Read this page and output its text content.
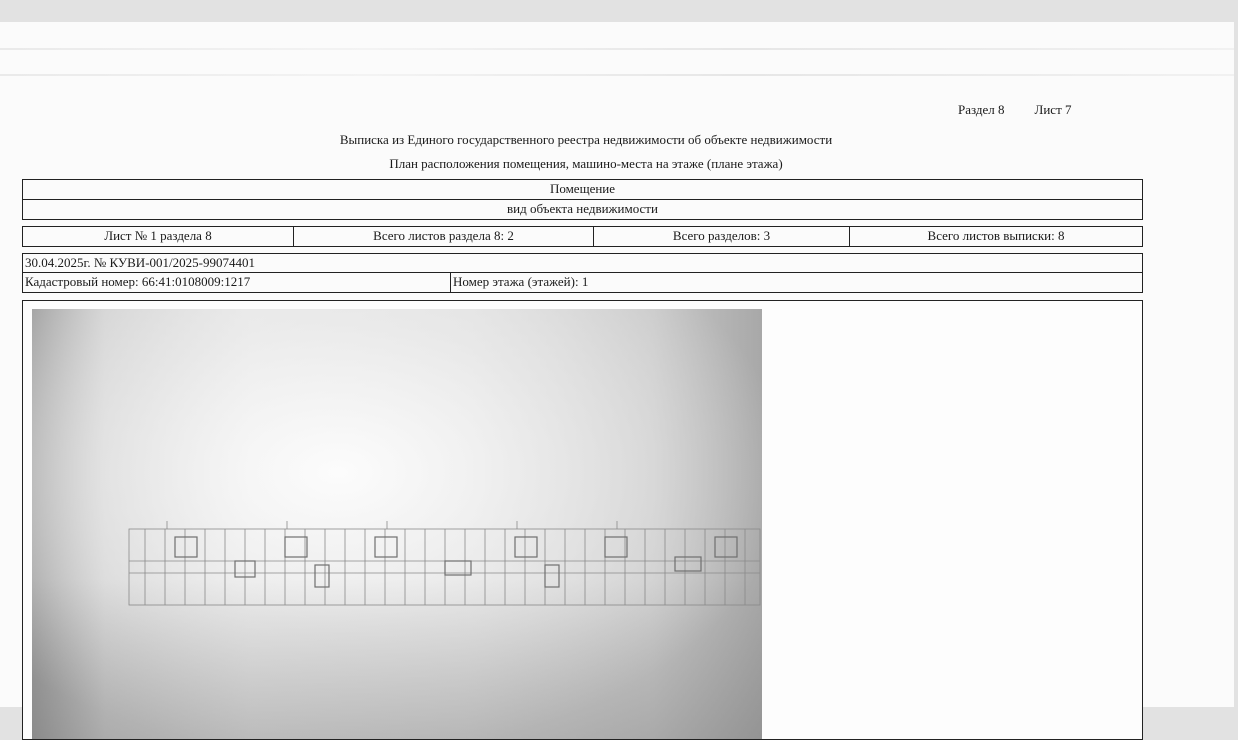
Раздел 8 Лист 7
Выписка из Единого государственного реестра недвижимости об объекте недвижимости
План расположения помещения, машино-места на этаже (плане этажа)
Помещение
вид объекта недвижимости
Лист № 1 раздела 8	Всего листов раздела 8: 2	Всего разделов: 3	Всего листов выписки: 8
30.04.2025г. № КУВИ-001/2025-99074401
Кадастровый номер: 66:41:0108009:1217	Номер этажа (этажей): 1
